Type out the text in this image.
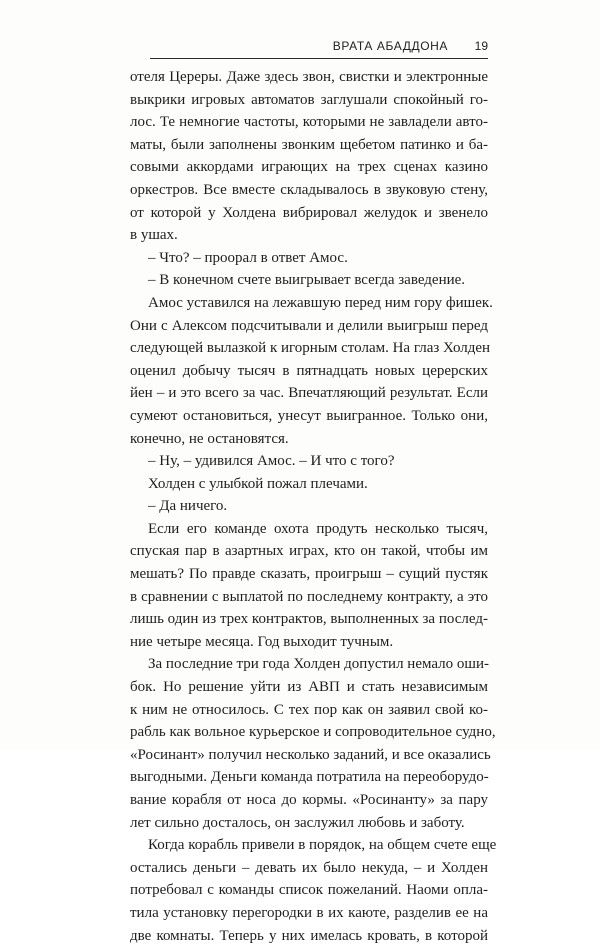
ВРАТА АБАДДОНА 19
отеля Цереры. Даже здесь звон, свистки и электронные
выкрики игровых автоматов заглушали спокойный го-
лос. Те немногие частоты, которыми не завладели авто-
маты, были заполнены звонким щебетом патинко и ба-
совыми аккордами играющих на трех сценах казино
оркестров. Все вместе складывалось в звуковую стену,
от которой у Холдена вибрировал желудок и звенело
в ушах.
– Что? – проорал в ответ Амос.
– В конечном счете выигрывает всегда заведение.
Амос уставился на лежавшую перед ним гору фишек.
Они с Алексом подсчитывали и делили выигрыш перед
следующей вылазкой к игорным столам. На глаз Холден
оценил добычу тысяч в пятнадцать новых церерских
йен – и это всего за час. Впечатляющий результат. Если
сумеют остановиться, унесут выигранное. Только они,
конечно, не остановятся.
– Ну, – удивился Амос. – И что с того?
Холден с улыбкой пожал плечами.
– Да ничего.
Если его команде охота продуть несколько тысяч,
спуская пар в азартных играх, кто он такой, чтобы им
мешать? По правде сказать, проигрыш – сущий пустяк
в сравнении с выплатой по последнему контракту, а это
лишь один из трех контрактов, выполненных за послед-
ние четыре месяца. Год выходит тучным.
За последние три года Холден допустил немало оши-
бок. Но решение уйти из АВП и стать независимым
к ним не относилось. С тех пор как он заявил свой ко-
рабль как вольное курьерское и сопроводительное судно,
«Росинант» получил несколько заданий, и все оказались
выгодными. Деньги команда потратила на переоборудо-
вание корабля от носа до кормы. «Росинанту» за пару
лет сильно досталось, он заслужил любовь и заботу.
Когда корабль привели в порядок, на общем счете еще
остались деньги – девать их было некуда, – и Холден
потребовал с команды список пожеланий. Наоми опла-
тила установку перегородки в их каюте, разделив ее на
две комнаты. Теперь у них имелась кровать, в которой
